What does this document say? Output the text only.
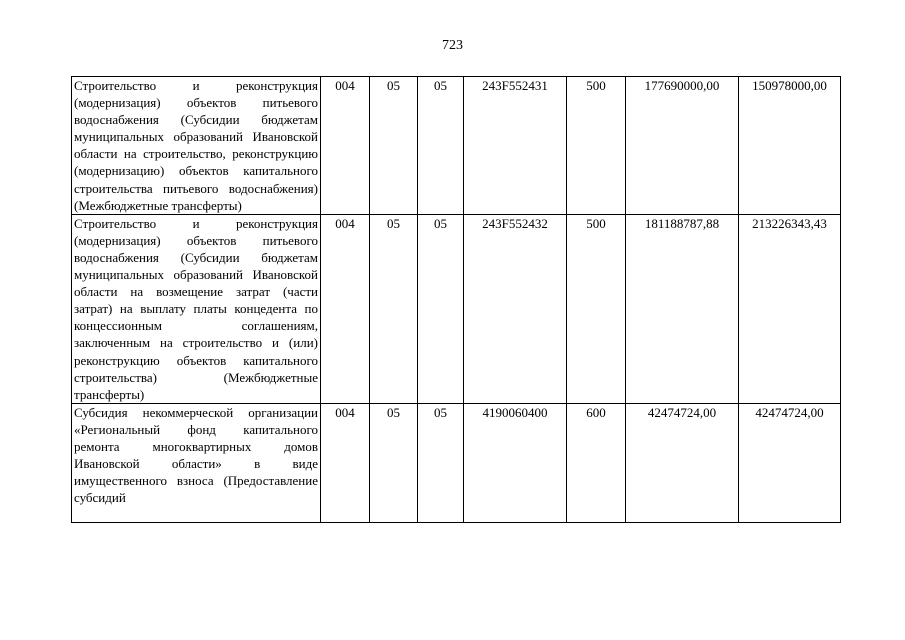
723
Строительство и реконструкция (модернизация) объектов питьевого водоснабжения (Субсидии бюджетам муниципальных образований Ивановской области на строительство, реконструкцию (модернизацию) объектов капитального строительства питьевого водоснабжения) (Межбюджетные трансферты)	004	05	05	243F552431	500	177690000,00	150978000,00
Строительство и реконструкция (модернизация) объектов питьевого водоснабжения (Субсидии бюджетам муниципальных образований Ивановской области на возмещение затрат (части затрат) на выплату платы концедента по концессионным соглашениям, заключенным на строительство и (или) реконструкцию объектов капитального строительства) (Межбюджетные трансферты)	004	05	05	243F552432	500	181188787,88	213226343,43
Субсидия некоммерческой организации «Региональный фонд капитального ремонта многоквартирных домов Ивановской области» в виде имущественного взноса (Предоставление субсидий	004	05	05	4190060400	600	42474724,00	42474724,00
